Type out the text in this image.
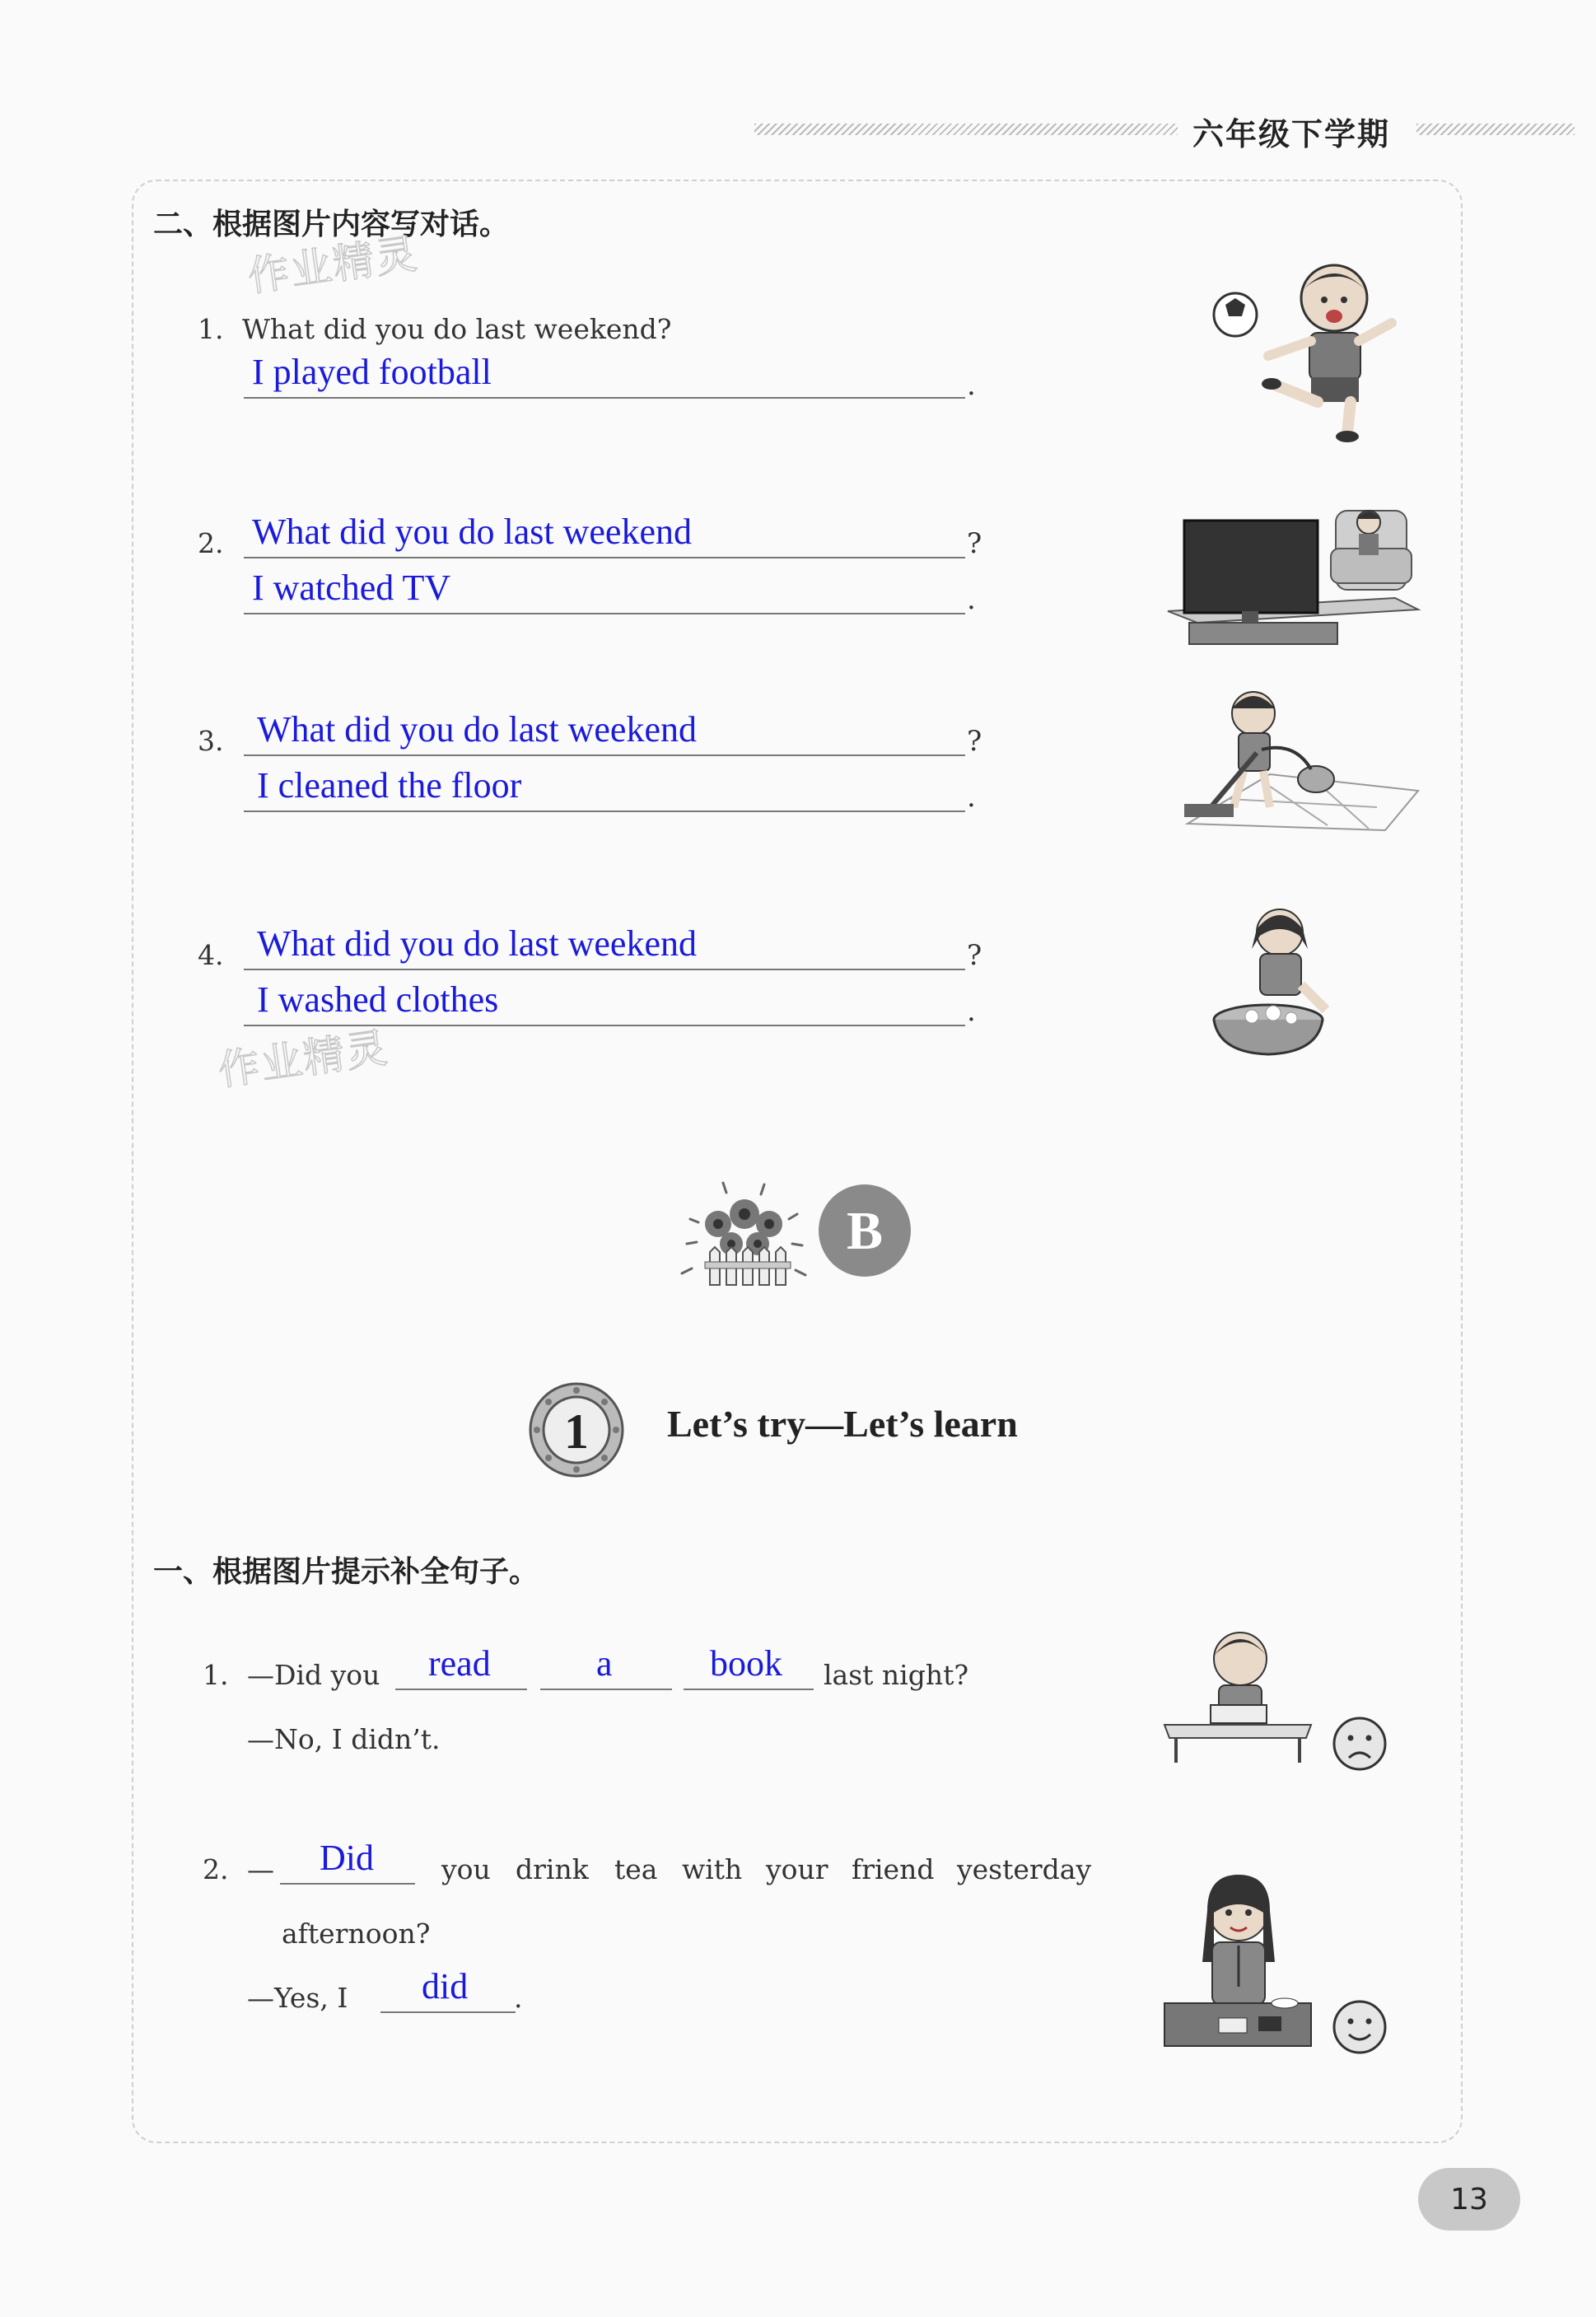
六年级下学期
二、根据图片内容写对话。
作业精灵
1. What did you do last weekend?
I played football	.
2. What did you do last weekend	?
I watched TV	.
3. What did you do last weekend	?
I cleaned the floor	.
4. What did you do last weekend	?
I washed clothes	.
作业精灵
B
1 Let’s try—Let’s learn
一、根据图片提示补全句子。
1. —Did you read	a	book last night?
—No, I didn’t.
2. — Did you drink tea with your friend yesterday
afternoon?
—Yes, I did .
13
